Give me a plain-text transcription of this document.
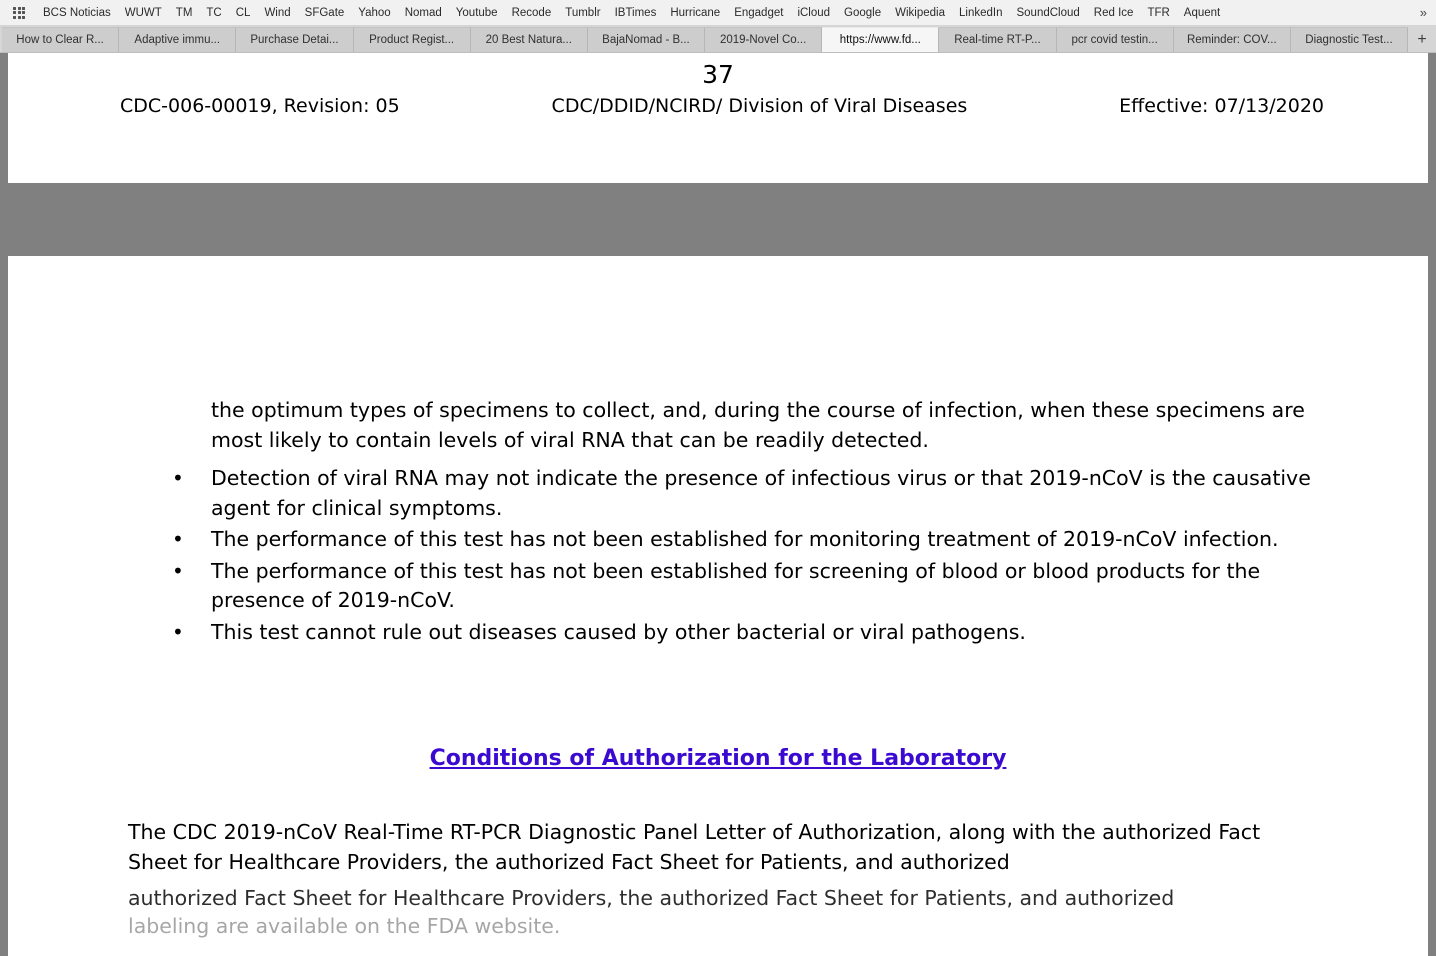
BCS Noticias	WUWT	TM	TC	CL	Wind	SFGate	Yahoo	Nomad	Youtube	Recode	Tumblr	IBTimes	Hurricane	Engadget	iCloud	Google	Wikipedia	LinkedIn	SoundCloud	Red Ice	TFR	Aquent	»
How to Clear R...	Adaptive immu...	Purchase Detai...	Product Regist...	20 Best Natura...	BajaNomad - B...	2019-Novel Co...	https://www.fd...	Real-time RT-P...	pcr covid testin...	Reminder: COV...	Diagnostic Test...	+
37
CDC-006-00019, Revision: 05	CDC/DDID/NCIRD/ Division of Viral Diseases	Effective: 07/13/2020
the optimum types of specimens to collect, and, during the course of infection, when these specimens are most likely to contain levels of viral RNA that can be readily detected.
• Detection of viral RNA may not indicate the presence of infectious virus or that 2019-nCoV is the causative agent for clinical symptoms.
• The performance of this test has not been established for monitoring treatment of 2019-nCoV infection.
• The performance of this test has not been established for screening of blood or blood products for the presence of 2019-nCoV.
• This test cannot rule out diseases caused by other bacterial or viral pathogens.
Conditions of Authorization for the Laboratory
The CDC 2019-nCoV Real-Time RT-PCR Diagnostic Panel Letter of Authorization, along with the authorized Fact Sheet for Healthcare Providers, the authorized Fact Sheet for Patients, and authorized
authorized Fact Sheet for Healthcare Providers, the authorized Fact Sheet for Patients, and authorized
labeling are available on the FDA website.
